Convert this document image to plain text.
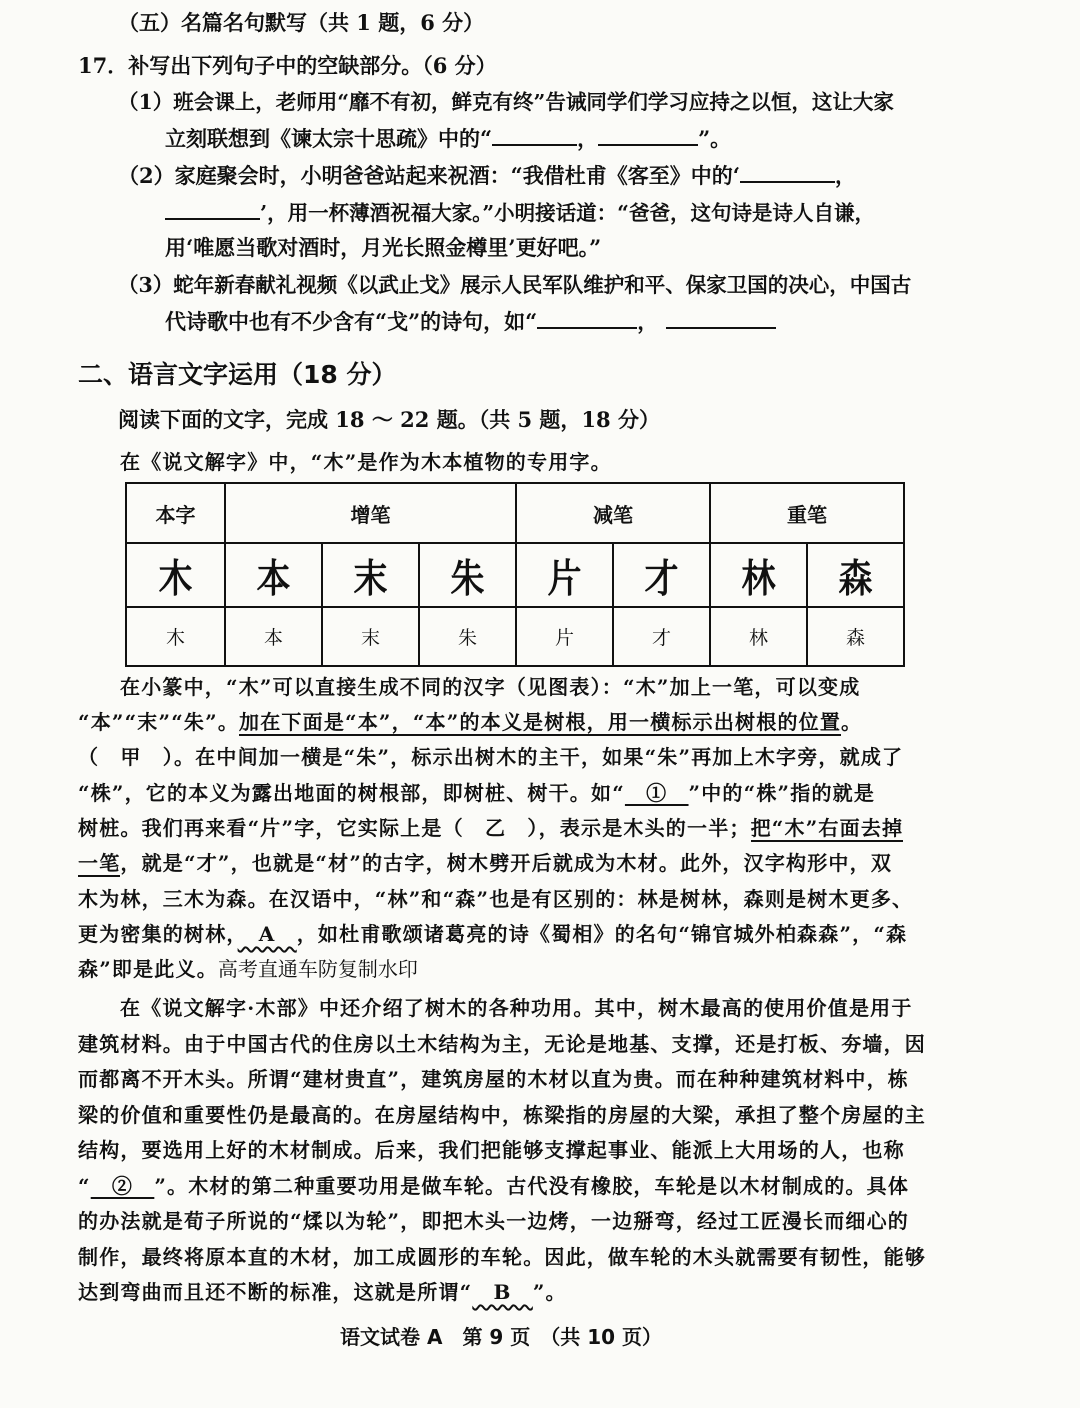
（五）名篇名句默写（共 1 题，6 分）
17．补写出下列句子中的空缺部分。（6 分）
（1）班会课上，老师用“靡不有初，鲜克有终”告诫同学们学习应持之以恒，这让大家
立刻联想到《谏太宗十思疏》中的“	，	”。
（2）家庭聚会时，小明爸爸站起来祝酒：“我借杜甫《客至》中的‘	，
’，用一杯薄酒祝福大家。”小明接话道：“爸爸，这句诗是诗人自谦，
用‘唯愿当歌对酒时，月光长照金樽里’更好吧。”
（3）蛇年新春献礼视频《以武止戈》展示人民军队维护和平、保家卫国的决心，中国古
代诗歌中也有不少含有“戈”的诗句，如“	，
二、语言文字运用（18 分）
阅读下面的文字，完成 18 ～ 22 题。（共 5 题，18 分）
在《说文解字》中，“木”是作为木本植物的专用字。
本字	增笔			减笔		重笔	
木	本	末	朱	片	才	林	森
木	本	末	朱	片	才	林	森
在小篆中，“木”可以直接生成不同的汉字（见图表）：“木”加上一笔，可以变成
“本”“末”“朱”。加在下面是“本”，“本”的本义是树根，用一横标示出树根的位置。
（　甲　）。在中间加一横是“朱”，标示出树木的主干，如果“朱”再加上木字旁，就成了
“株”，它的本义为露出地面的树根部，即树桩、树干。如“　①　”中的“株”指的就是
树桩。我们再来看“片”字，它实际上是（　乙　），表示是木头的一半；把“木”右面去掉
一笔，就是“才”，也就是“材”的古字，树木劈开后就成为木材。此外，汉字构形中，双
木为林，三木为森。在汉语中，“林”和“森”也是有区别的：林是树林，森则是树木更多、
更为密集的树林，　A　，如杜甫歌颂诸葛亮的诗《蜀相》的名句“锦官城外柏森森”，“森
森”即是此义。高考直通车防复制水印
在《说文解字·木部》中还介绍了树木的各种功用。其中，树木最高的使用价值是用于
建筑材料。由于中国古代的住房以土木结构为主，无论是地基、支撑，还是打板、夯墙，因
而都离不开木头。所谓“建材贵直”，建筑房屋的木材以直为贵。而在种种建筑材料中，栋
梁的价值和重要性仍是最高的。在房屋结构中，栋梁指的房屋的大梁，承担了整个房屋的主
结构，要选用上好的木材制成。后来，我们把能够支撑起事业、能派上大用场的人，也称
“　②　”。木材的第二种重要功用是做车轮。古代没有橡胶，车轮是以木材制成的。具体
的办法就是荀子所说的“煣以为轮”，即把木头一边烤，一边掰弯，经过工匠漫长而细心的
制作，最终将原本直的木材，加工成圆形的车轮。因此，做车轮的木头就需要有韧性，能够
达到弯曲而且还不断的标准，这就是所谓“　B　”。
语文试卷 A　第 9 页　（共 10 页）
